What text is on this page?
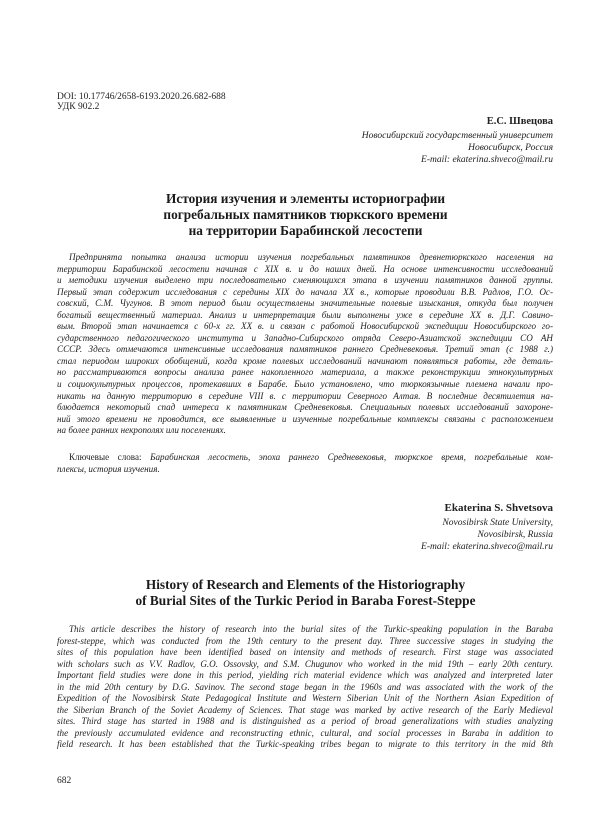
DOI: 10.17746/2658-6193.2020.26.682-688
УДК 902.2
Е.С. Швецова
Новосибирский государственный университет
Новосибирск, Россия
E-mail: ekaterina.shveco@mail.ru
История изучения и элементы историографии
погребальных памятников тюркского времени
на территории Барабинской лесостепи
Предпринята попытка анализа истории изучения погребальных памятников древнетюркского населения на
территории Барабинской лесостепи начиная с XIX в. и до наших дней. На основе интенсивности исследований
и методики изучения выделено три последовательно сменяющихся этапа в изучении памятников данной группы.
Первый этап содержит исследования с середины XIX до начала XX в., которые проводили В.В. Радлов, Г.О. Ос-
совский, С.М. Чугунов. В этот период были осуществлены значительные полевые изыскания, откуда был получен
богатый вещественный материал. Анализ и интерпретация были выполнены уже в середине XX в. Д.Г. Савино-
вым. Второй этап начинается с 60-х гг. XX в. и связан с работой Новосибирской экспедиции Новосибирского го-
сударственного педагогического института и Западно-Сибирского отряда Северо-Азиатской экспедиции СО АН
СССР. Здесь отмечаются интенсивные исследования памятников раннего Средневековья. Третий этап (с 1988 г.)
стал периодом широких обобщений, когда кроме полевых исследований начинают появляться работы, где деталь-
но рассматриваются вопросы анализа ранее накопленного материала, а также реконструкции этнокультурных
и социокультурных процессов, протекавших в Барабе. Было установлено, что тюркоязычные племена начали про-
никать на данную территорию в середине VIII в. с территории Северного Алтая. В последние десятилетия на-
блюдается некоторый спад интереса к памятникам Средневековья. Специальных полевых исследований захороне-
ний этого времени не проводится, все выявленные и изученные погребальные комплексы связаны с расположением
на более ранних некрополях или поселениях.
Ключевые слова: Барабинская лесостепь, эпоха раннего Средневековья, тюркское время, погребальные ком-
плексы, история изучения.
Ekaterina S. Shvetsova
Novosibirsk State University,
Novosibirsk, Russia
E-mail: ekaterina.shveco@mail.ru
History of Research and Elements of the Historiography
of Burial Sites of the Turkic Period in Baraba Forest-Steppe
This article describes the history of research into the burial sites of the Turkic-speaking population in the Baraba
forest-steppe, which was conducted from the 19th century to the present day. Three successive stages in studying the
sites of this population have been identified based on intensity and methods of research. First stage was associated
with scholars such as V.V. Radlov, G.O. Ossovsky, and S.M. Chugunov who worked in the mid 19th – early 20th century.
Important field studies were done in this period, yielding rich material evidence which was analyzed and interpreted later
in the mid 20th century by D.G. Savinov. The second stage began in the 1960s and was associated with the work of the
Expedition of the Novosibirsk State Pedagogical Institute and Western Siberian Unit of the Northern Asian Expedition of
the Siberian Branch of the Soviet Academy of Sciences. That stage was marked by active research of the Early Medieval
sites. Third stage has started in 1988 and is distinguished as a period of broad generalizations with studies analyzing
the previously accumulated evidence and reconstructing ethnic, cultural, and social processes in Baraba in addition to
field research. It has been established that the Turkic-speaking tribes began to migrate to this territory in the mid 8th
682
